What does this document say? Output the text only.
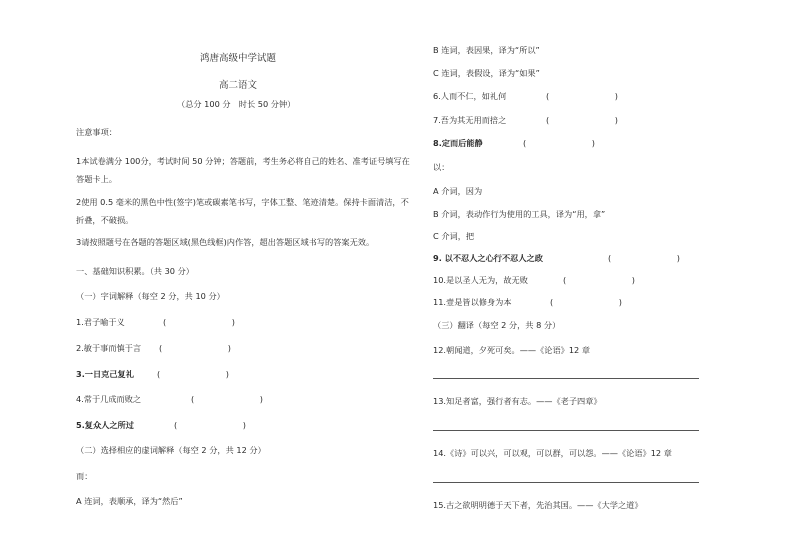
鸿唐高级中学试题
高二语文
（总分 100 分　时长 50 分钟）
注意事项：
1本试卷满分 100分，考试时间 50 分钟；答题前，考生务必将自己的姓名、准考证号填写在答题卡上。
2使用 0.5 毫米的黑色中性(签字)笔或碳素笔书写，字体工整、笔迹清楚。保持卡面清洁，不折叠，不破损。
3请按照题号在各题的答题区域(黑色线框)内作答，超出答题区域书写的答案无效。
一、基础知识积累。（共 30 分）
（一）字词解释（每空 2 分，共 10 分）
1.君子喻于义	(　　　　　　　　)
2.敏于事而慎于言 (　　　　　　　　)
3.一日克己复礼	(　　　　　　　　)
4.常于几成而败之	(　　　　　　　　)
5.复众人之所过	(　　　　　　　　)
（二）选择相应的虚词解释（每空 2 分，共 12 分）
而：
A 连词，表顺承，译为“然后”
B 连词，表因果，译为“所以”
C 连词，表假设，译为“如果”
6.人而不仁，如礼何	(　　　　　　　　)
7.吾为其无用而掊之	(　　　　　　　　)
8.定而后能静	(　　　　　　　　)
以：
A 介词，因为
B 介词，表动作行为使用的工具，译为“用，拿”
C 介词，把
9. 以不忍人之心行不忍人之政	(　　　　　　　　)
10.是以圣人无为，故无败	(　　　　　　　　)
11.壹是皆以修身为本	(　　　　　　　　)
（三）翻译（每空 2 分，共 8 分）
12.朝闻道，夕死可矣。——《论语》12 章
13.知足者富，强行者有志。——《老子四章》
14.《诗》可以兴，可以观，可以群，可以怨。——《论语》12 章
15.古之欲明明德于天下者，先治其国。——《大学之道》
